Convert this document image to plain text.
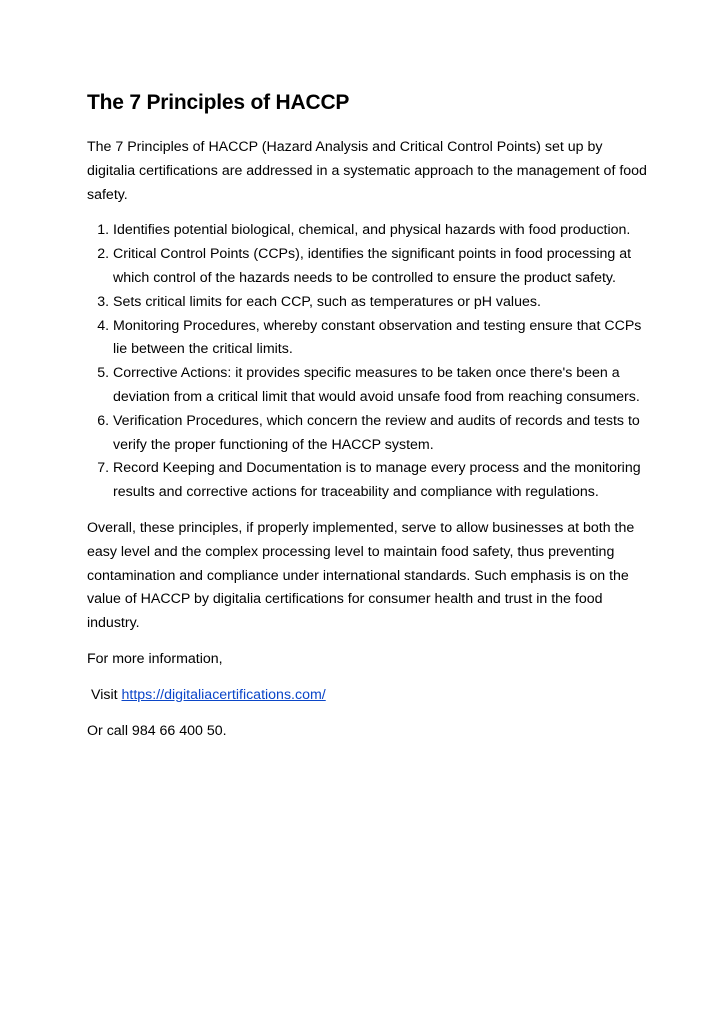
The 7 Principles of HACCP

The 7 Principles of HACCP (Hazard Analysis and Critical Control Points) set up by digitalia certifications are addressed in a systematic approach to the management of food safety.

1. Identifies potential biological, chemical, and physical hazards with food production.
2. Critical Control Points (CCPs), identifies the significant points in food processing at which control of the hazards needs to be controlled to ensure the product safety.
3. Sets critical limits for each CCP, such as temperatures or pH values.
4. Monitoring Procedures, whereby constant observation and testing ensure that CCPs lie between the critical limits.
5. Corrective Actions: it provides specific measures to be taken once there's been a deviation from a critical limit that would avoid unsafe food from reaching consumers.
6. Verification Procedures, which concern the review and audits of records and tests to verify the proper functioning of the HACCP system.
7. Record Keeping and Documentation is to manage every process and the monitoring results and corrective actions for traceability and compliance with regulations.

Overall, these principles, if properly implemented, serve to allow businesses at both the easy level and the complex processing level to maintain food safety, thus preventing contamination and compliance under international standards. Such emphasis is on the value of HACCP by digitalia certifications for consumer health and trust in the food industry.

For more information,

Visit https://digitaliacertifications.com/

Or call 984 66 400 50.
